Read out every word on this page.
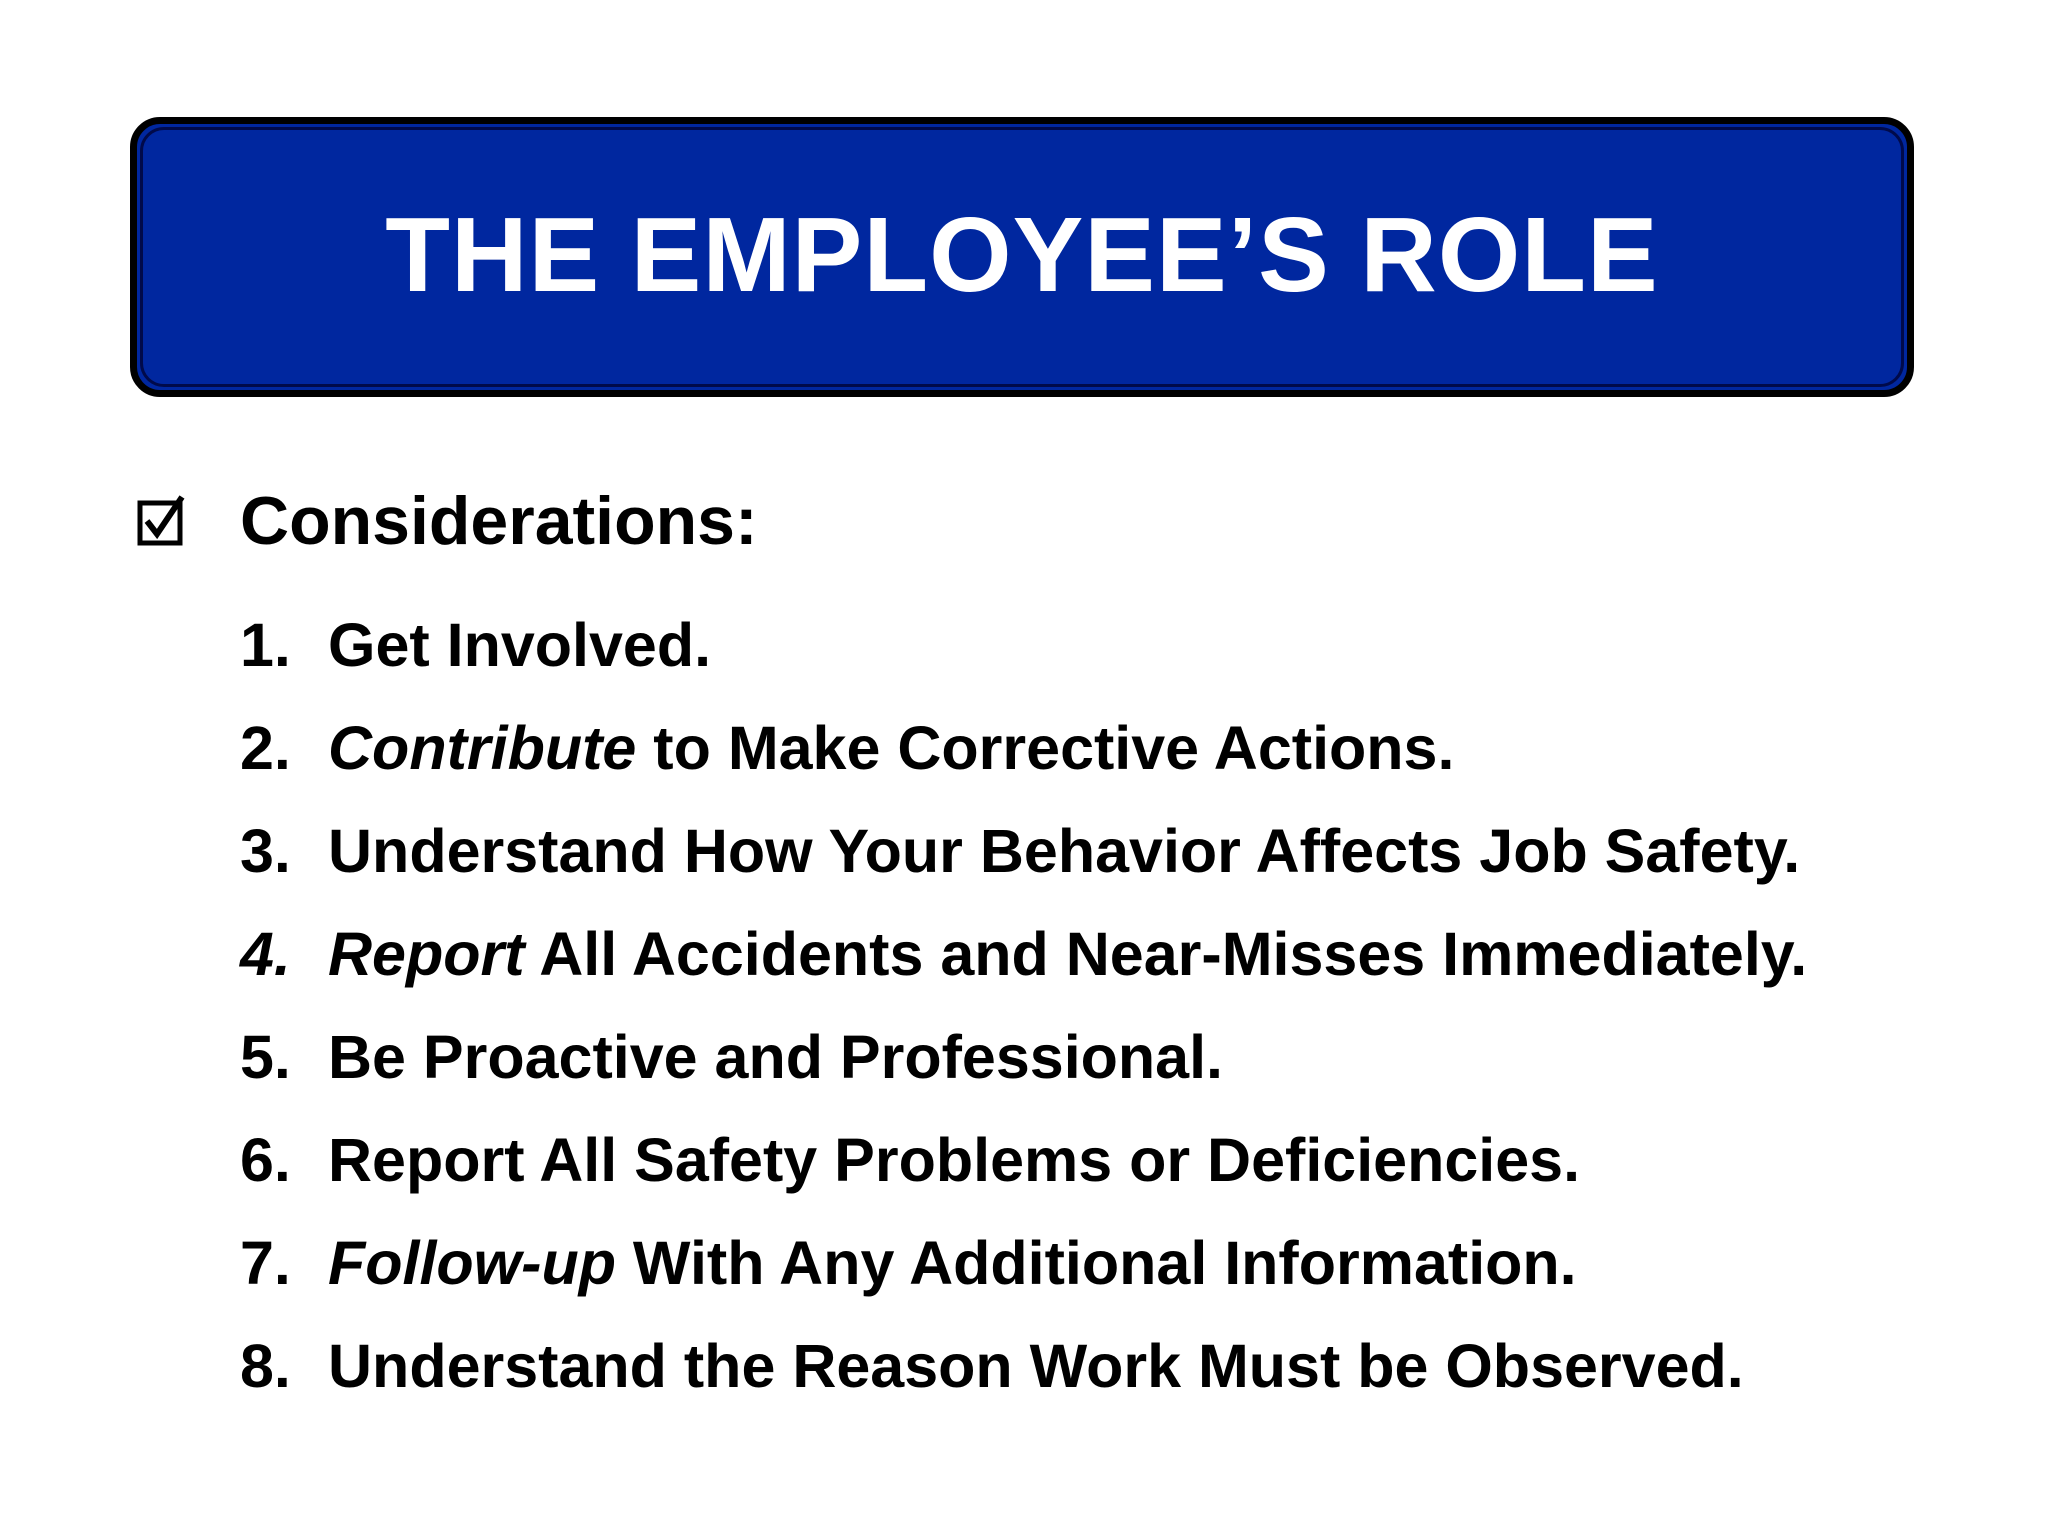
THE EMPLOYEE’S ROLE
Considerations:
1. Get Involved.
2. Contribute to Make Corrective Actions.
3. Understand How Your Behavior Affects Job Safety.
4. Report All Accidents and Near-Misses Immediately.
5. Be Proactive and Professional.
6. Report All Safety Problems or Deficiencies.
7. Follow-up With Any Additional Information.
8. Understand the Reason Work Must be Observed.
